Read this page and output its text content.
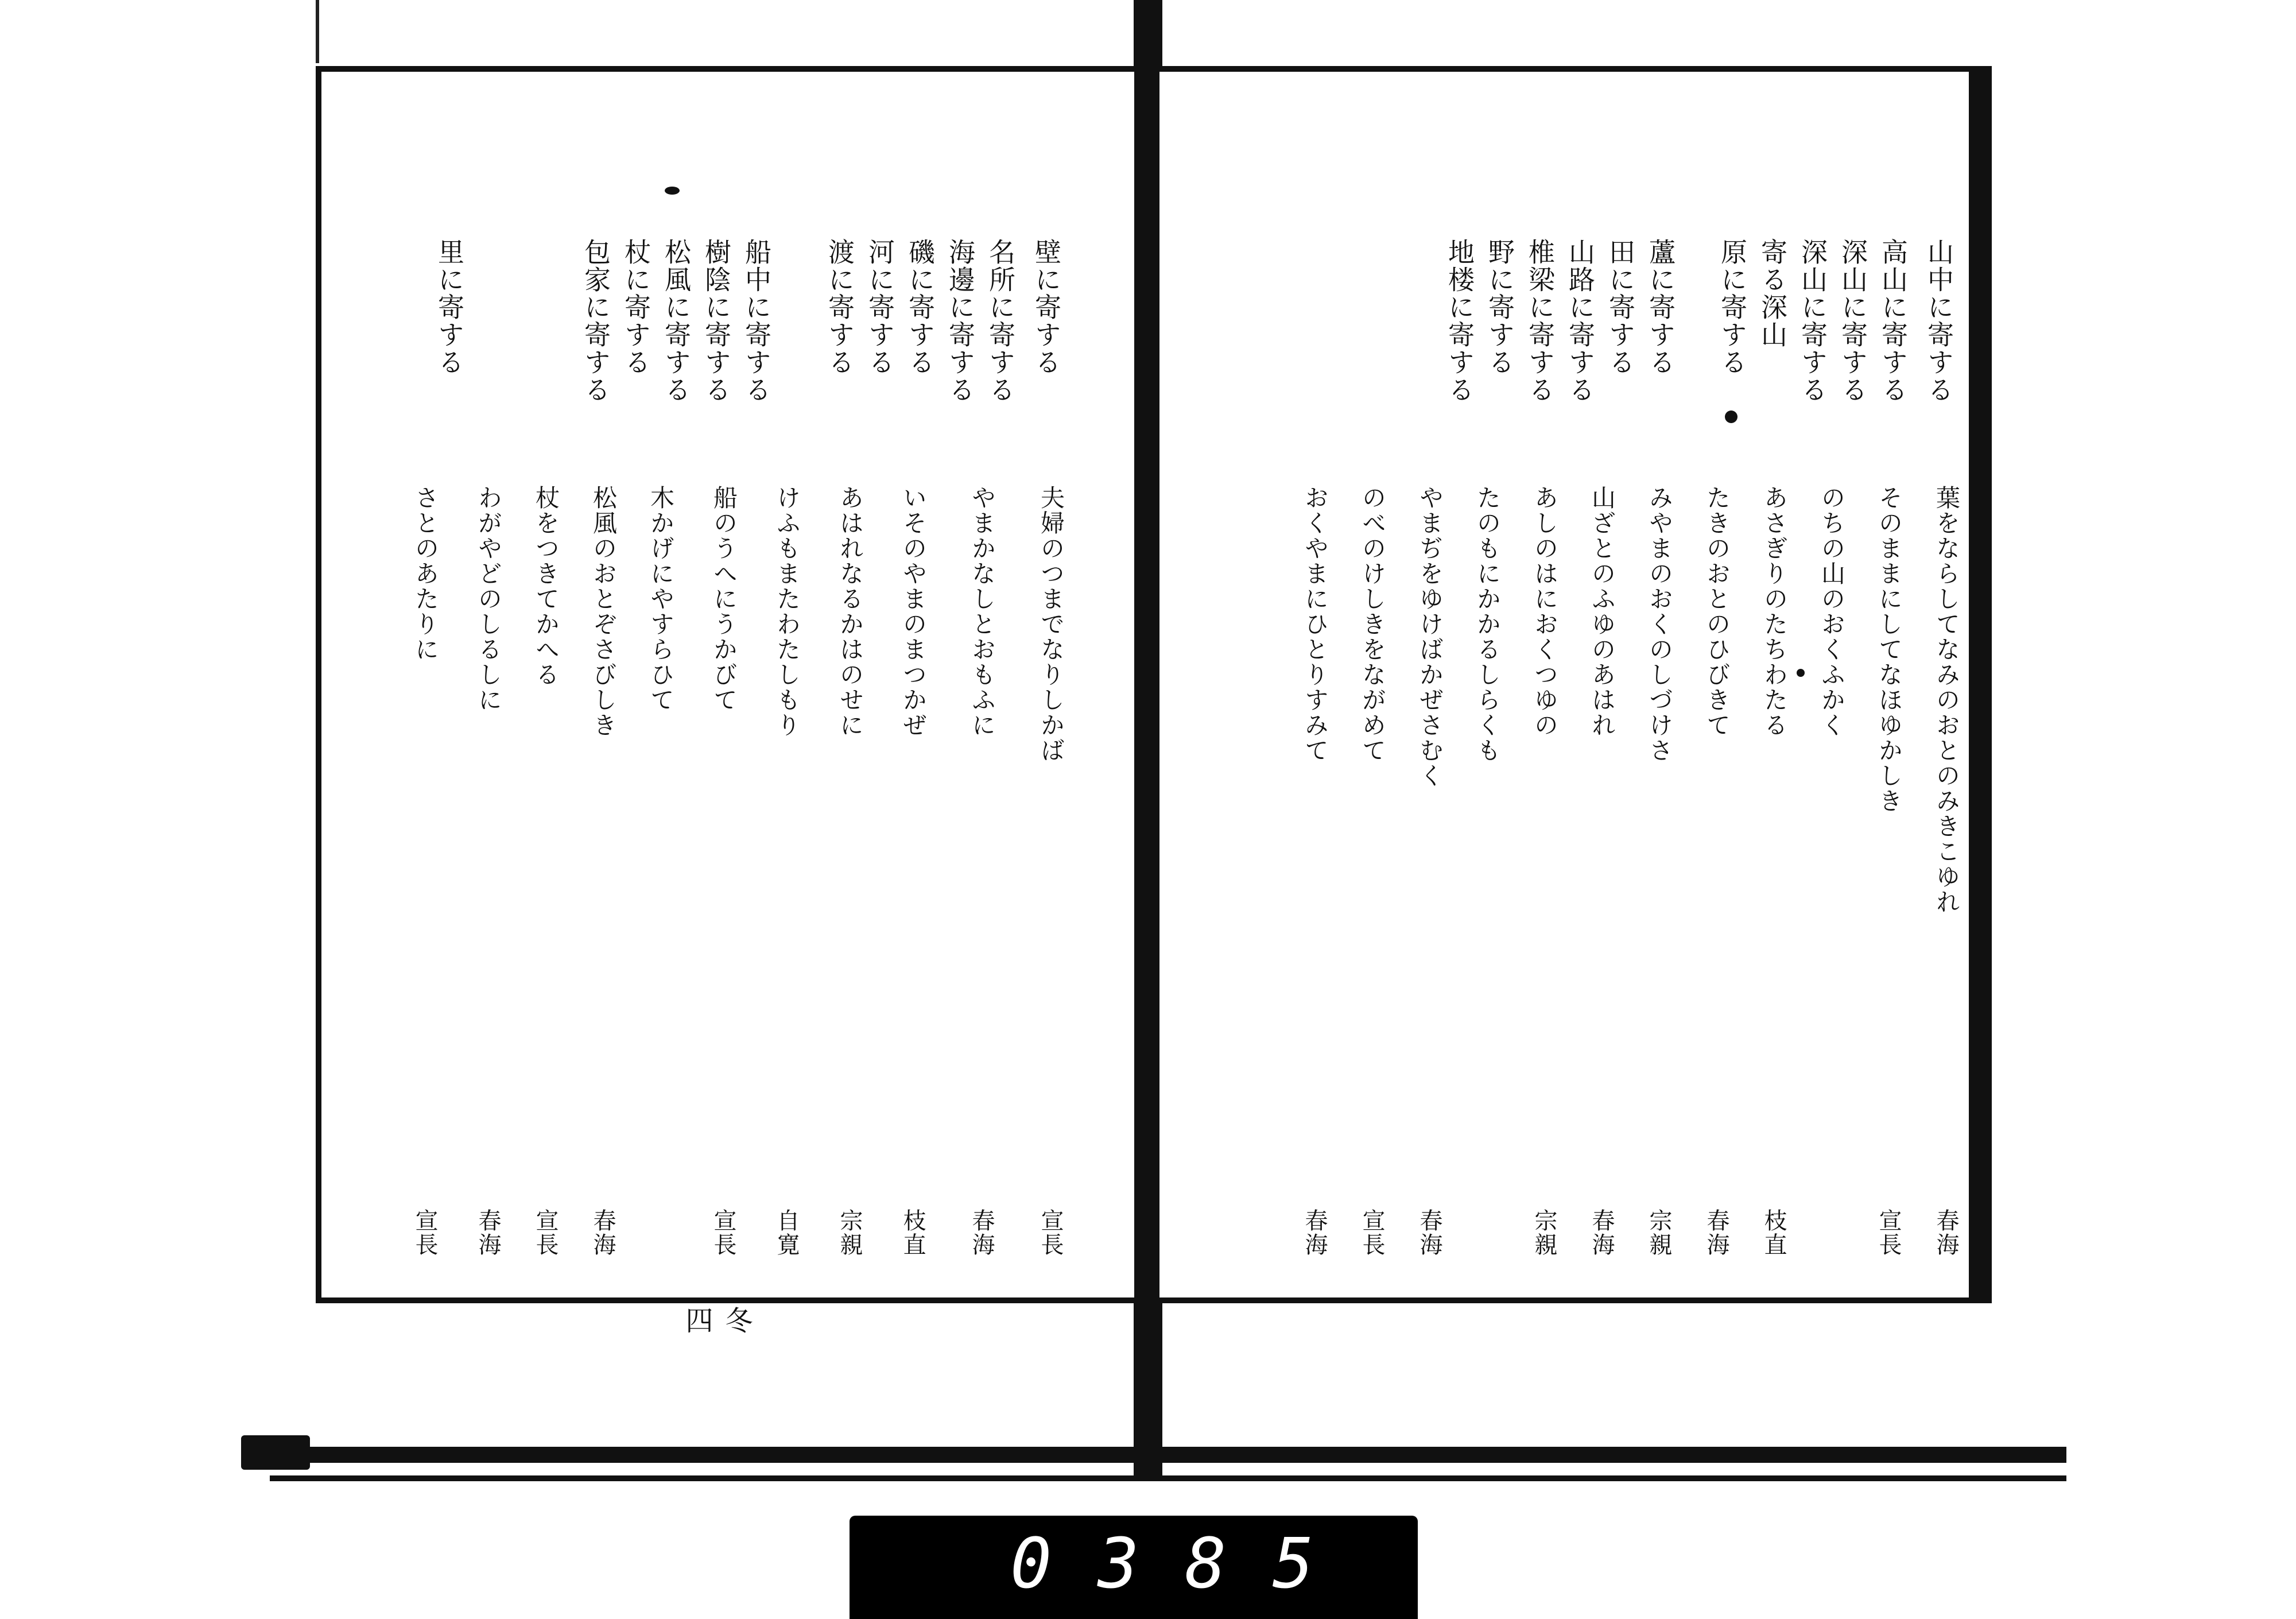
壁に寄する
名所に寄する
海邊に寄する
磯に寄する
河に寄する
渡に寄する
船中に寄する
樹陰に寄する
松風に寄する
杖に寄する
包家に寄する
里に寄する
夫婦のつまでなりしかば
やまかなしとおもふに
いそのやまのまつかぜ
あはれなるかはのせに
けふもまたわたしもり
船のうへにうかびて
木かげにやすらひて
松風のおとぞさびしき
杖をつきてかへる
わがやどのしるしに
さとのあたりに
宣長
春海
枝直
宗親
宣長 自寛
春海
宣長
春海
宣長
冬四
山中に寄する
高山に寄する
深山に寄する
深山に寄する
寄る深山
原に寄する
蘆に寄する
田に寄する
山路に寄する
椎梁に寄する
野に寄する
地楼に寄する
葉をならしてなみのおとのみきこゆれ
そのままにしてなほゆかしき
のちの山のおくふかく
あさぎりのたちわたる
たきのおとのひびきて
みやまのおくのしづけさ
山ざとのふゆのあはれ
あしのはにおくつゆの
たのもにかかるしらくも
やまぢをゆけばかぜさむく
のべのけしきをながめて
おくやまにひとりすみて
春海
宣長
枝直
春海
宗親
春海
宗親
春海
宣長
春海
0385
